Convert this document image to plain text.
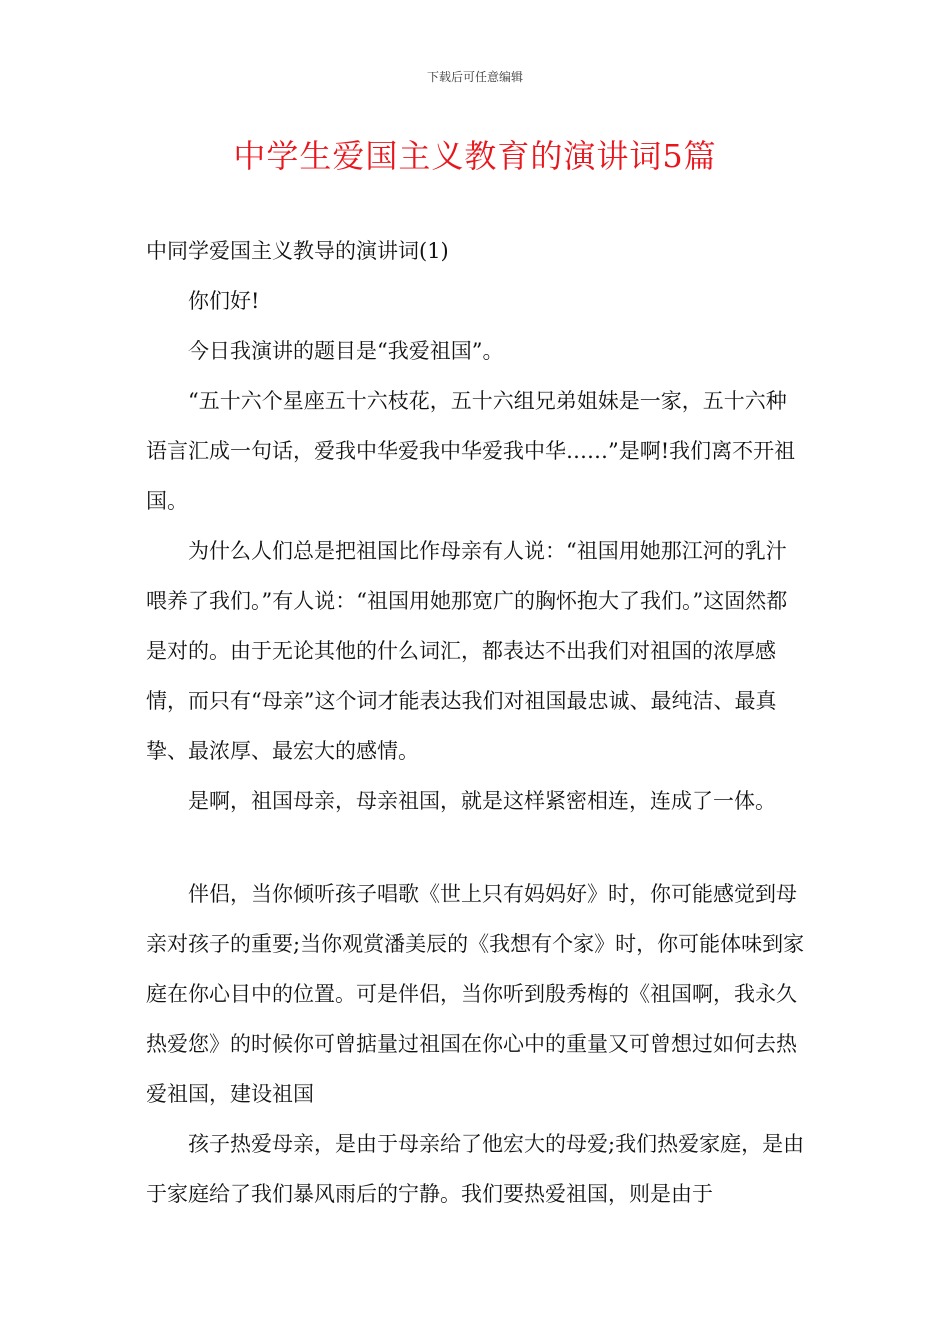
下载后可任意编辑
中学生爱国主义教育的演讲词5篇

中同学爱国主义教导的演讲词(1)

你们好!

今日我演讲的题目是“我爱祖国”。

“五十六个星座五十六枝花，五十六组兄弟姐妹是一家，五十六种语言汇成一句话，爱我中华爱我中华爱我中华……”是啊!我们离不开祖国。

为什么人们总是把祖国比作母亲有人说：“祖国用她那江河的乳汁喂养了我们。”有人说：“祖国用她那宽广的胸怀抱大了我们。”这固然都是对的。由于无论其他的什么词汇，都表达不出我们对祖国的浓厚感情，而只有“母亲”这个词才能表达我们对祖国最忠诚、最纯洁、最真挚、最浓厚、最宏大的感情。

是啊，祖国母亲，母亲祖国，就是这样紧密相连，连成了一体。

伴侣，当你倾听孩子唱歌《世上只有妈妈好》时，你可能感觉到母亲对孩子的重要;当你观赏潘美辰的《我想有个家》时，你可能体味到家庭在你心目中的位置。可是伴侣，当你听到殷秀梅的《祖国啊，我永久热爱您》的时候你可曾掂量过祖国在你心中的重量又可曾想过如何去热爱祖国，建设祖国

孩子热爱母亲，是由于母亲给了他宏大的母爱;我们热爱家庭，是由于家庭给了我们暴风雨后的宁静。我们要热爱祖国，则是由于
